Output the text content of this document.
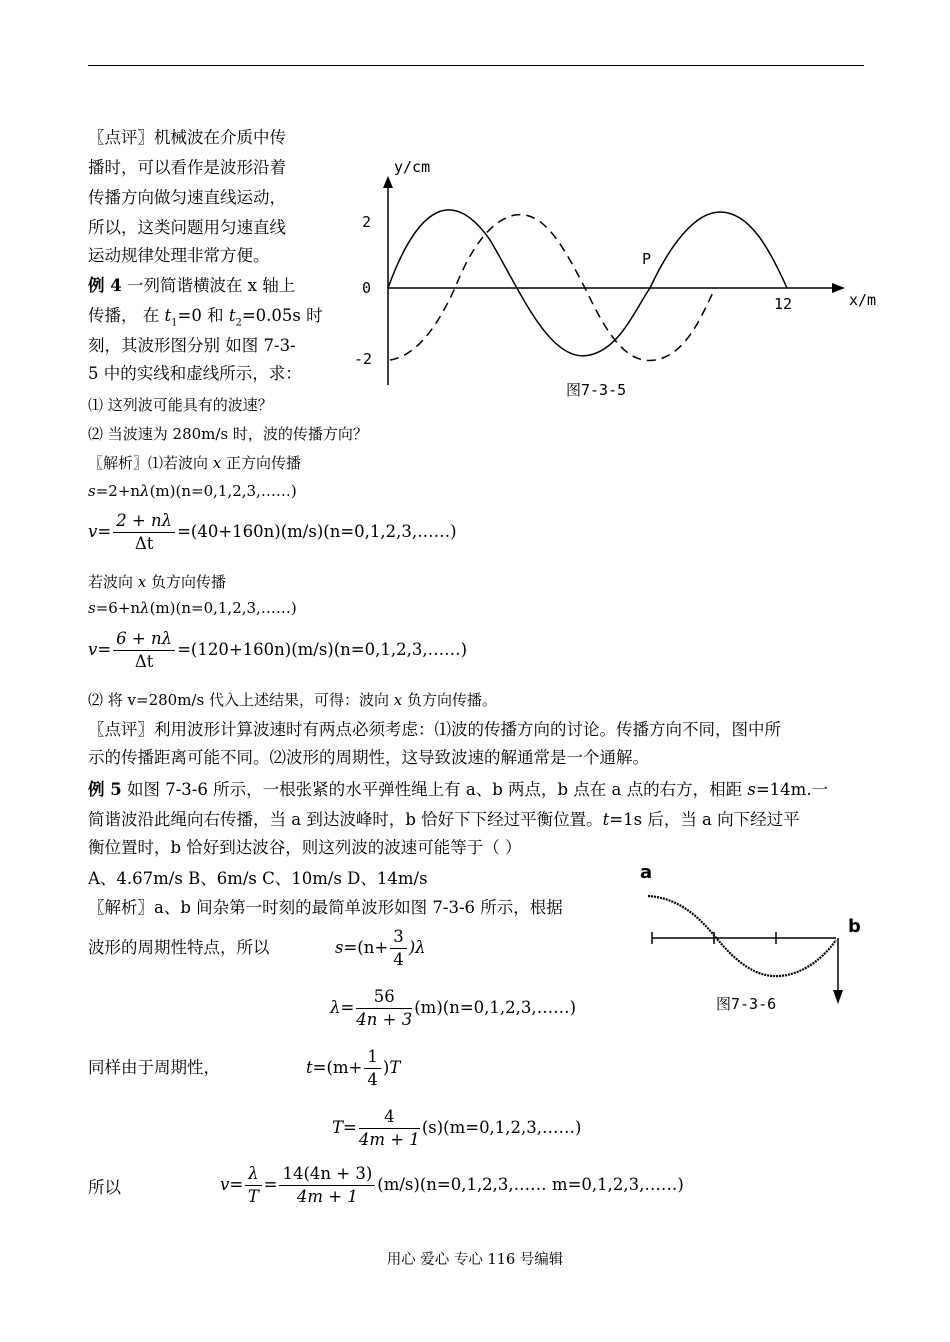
〖点评〗机械波在介质中传
播时，可以看作是波形沿着
传播方向做匀速直线运动，
所以，这类问题用匀速直线
运动规律处理非常方便。
例 4 一列简谐横波在 x 轴上
传播， 在 $t_1=0$ 和 $t_2=0.05s$ 时
刻，其波形图分别 如图 7-3-
5 中的实线和虚线所示，求：
⑴ 这列波可能具有的波速？
⑵ 当波速为 280m/s 时，波的传播方向？
〖解析〗⑴若波向 x 正方向传播
s=2+nλ(m)(n=0,1,2,3,……)
$v= \frac{2 + n\lambda}{\Delta t}$ =(40+160n)(m/s)(n=0,1,2,3,……)
若波向 x 负方向传播
s=6+nλ(m)(n=0,1,2,3,……)
$v= \frac{6 + n\lambda}{\Delta t}$ =(120+160n)(m/s)(n=0,1,2,3,……)
⑵ 将 v=280m/s 代入上述结果，可得：波向 x 负方向传播。
〖点评〗利用波形计算波速时有两点必须考虑：⑴波的传播方向的讨论。传播方向不同，图中所
示的传播距离可能不同。⑵波形的周期性，这导致波速的解通常是一个通解。
例 5 如图 7-3-6 所示，一根张紧的水平弹性绳上有 a、b 两点，b 点在 a 点的右方，相距 s=14m.一
简谐波沿此绳向右传播，当 a 到达波峰时，b 恰好下下经过平衡位置。t=1s 后，当 a 向下经过平
衡位置时，b 恰好到达波谷，则这列波的波速可能等于（ ）
A、4.67m/s B、6m/s C、10m/s D、14m/s
〖解析〗a、b 间杂第一时刻的最简单波形如图 7-3-6 所示，根据
波形的周期性特点，所以	$s=(n+ \frac{3}{4} )\lambda$
$\lambda= \frac{56}{4n + 3}$ (m)(n=0,1,2,3,……)
同样由于周期性，	$t=(m+ \frac{1}{4} )T$
$T= \frac{4}{4m + 1}$ (s)(m=0,1,2,3,……)
所以	$v= \frac{\lambda}{T} = \frac{14(4n + 3)}{4m + 1}$ (m/s)(n=0,1,2,3,…… m=0,1,2,3,……)
y/cm
x/m
2
0
-2
12
P
图7-3-5
a
b
图7-3-6
用心 爱心 专心 116 号编辑
